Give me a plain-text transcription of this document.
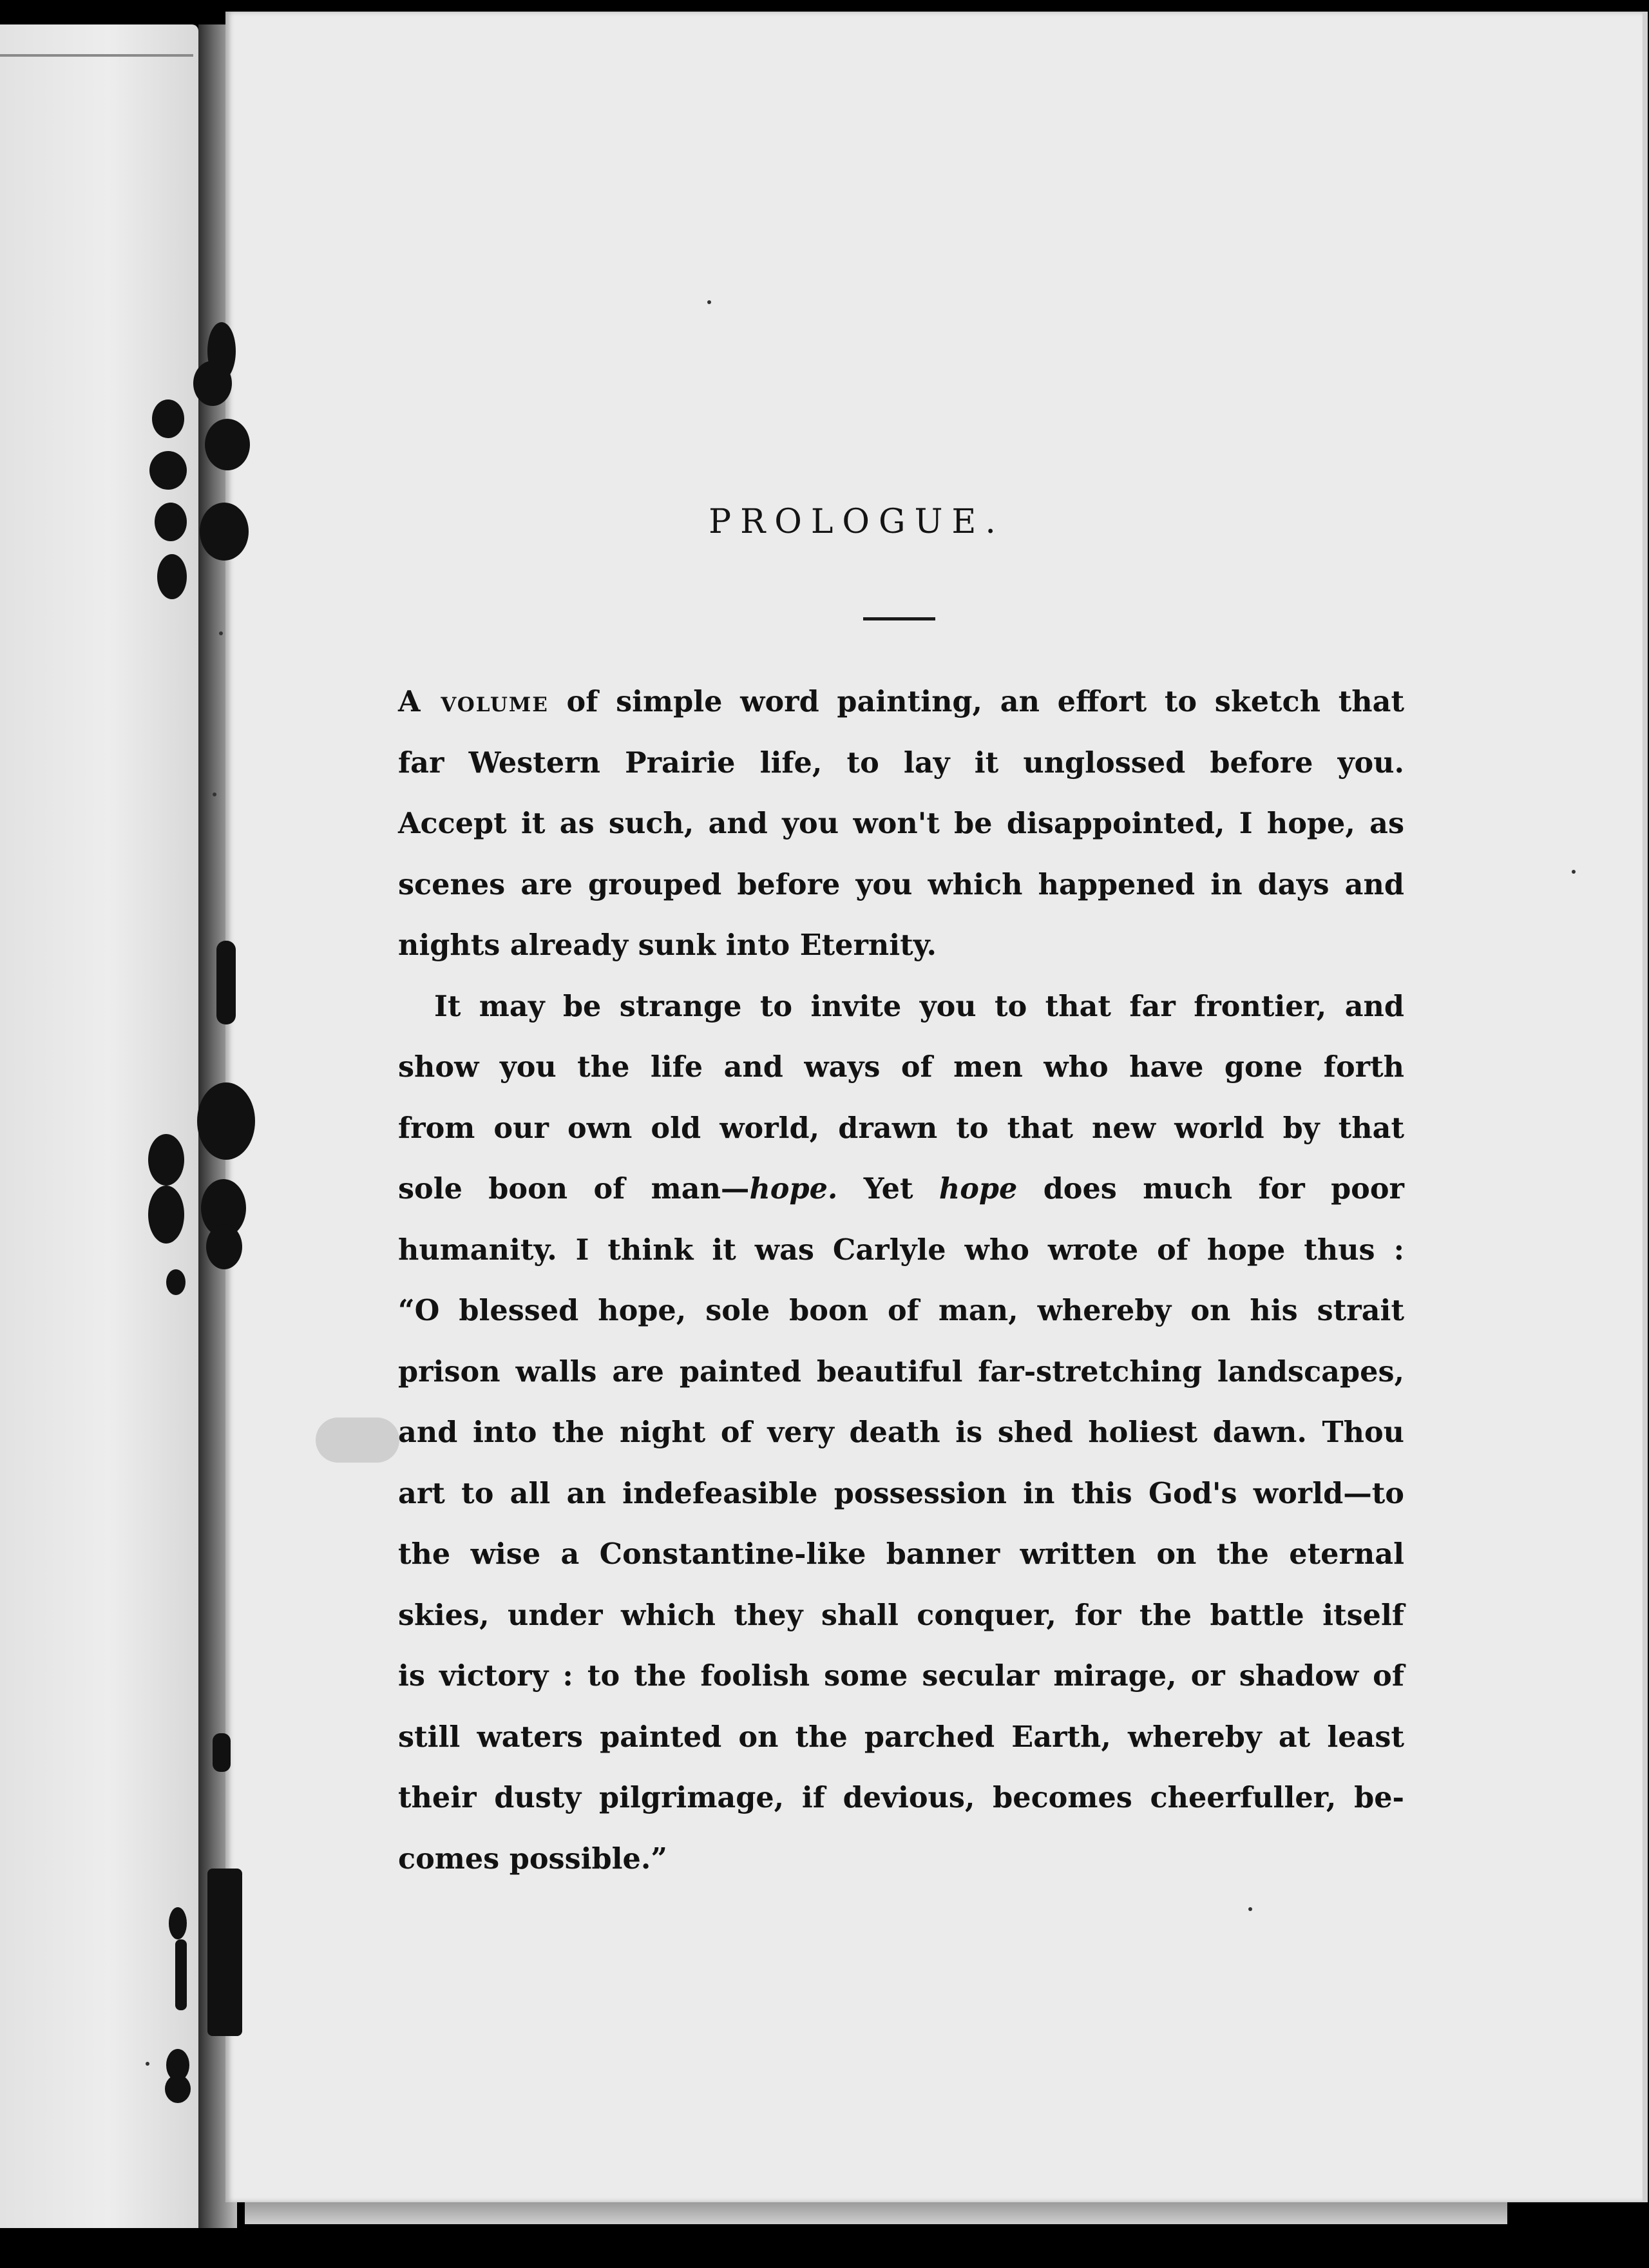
PROLOGUE.

A volume of simple word painting, an effort to sketch that
far Western Prairie life, to lay it unglossed before you.
Accept it as such, and you won't be disappointed, I hope, as
scenes are grouped before you which happened in days and
nights already sunk into Eternity.

It may be strange to invite you to that far frontier, and
show you the life and ways of men who have gone forth
from our own old world, drawn to that new world by that
sole boon of man—hope. Yet hope does much for poor
humanity. I think it was Carlyle who wrote of hope thus :
“O blessed hope, sole boon of man, whereby on his strait
prison walls are painted beautiful far-stretching landscapes,
and into the night of very death is shed holiest dawn. Thou
art to all an indefeasible possession in this God's world—to
the wise a Constantine-like banner written on the eternal
skies, under which they shall conquer, for the battle itself
is victory : to the foolish some secular mirage, or shadow of
still waters painted on the parched Earth, whereby at least
their dusty pilgrimage, if devious, becomes cheerfuller, be-
comes possible.”
